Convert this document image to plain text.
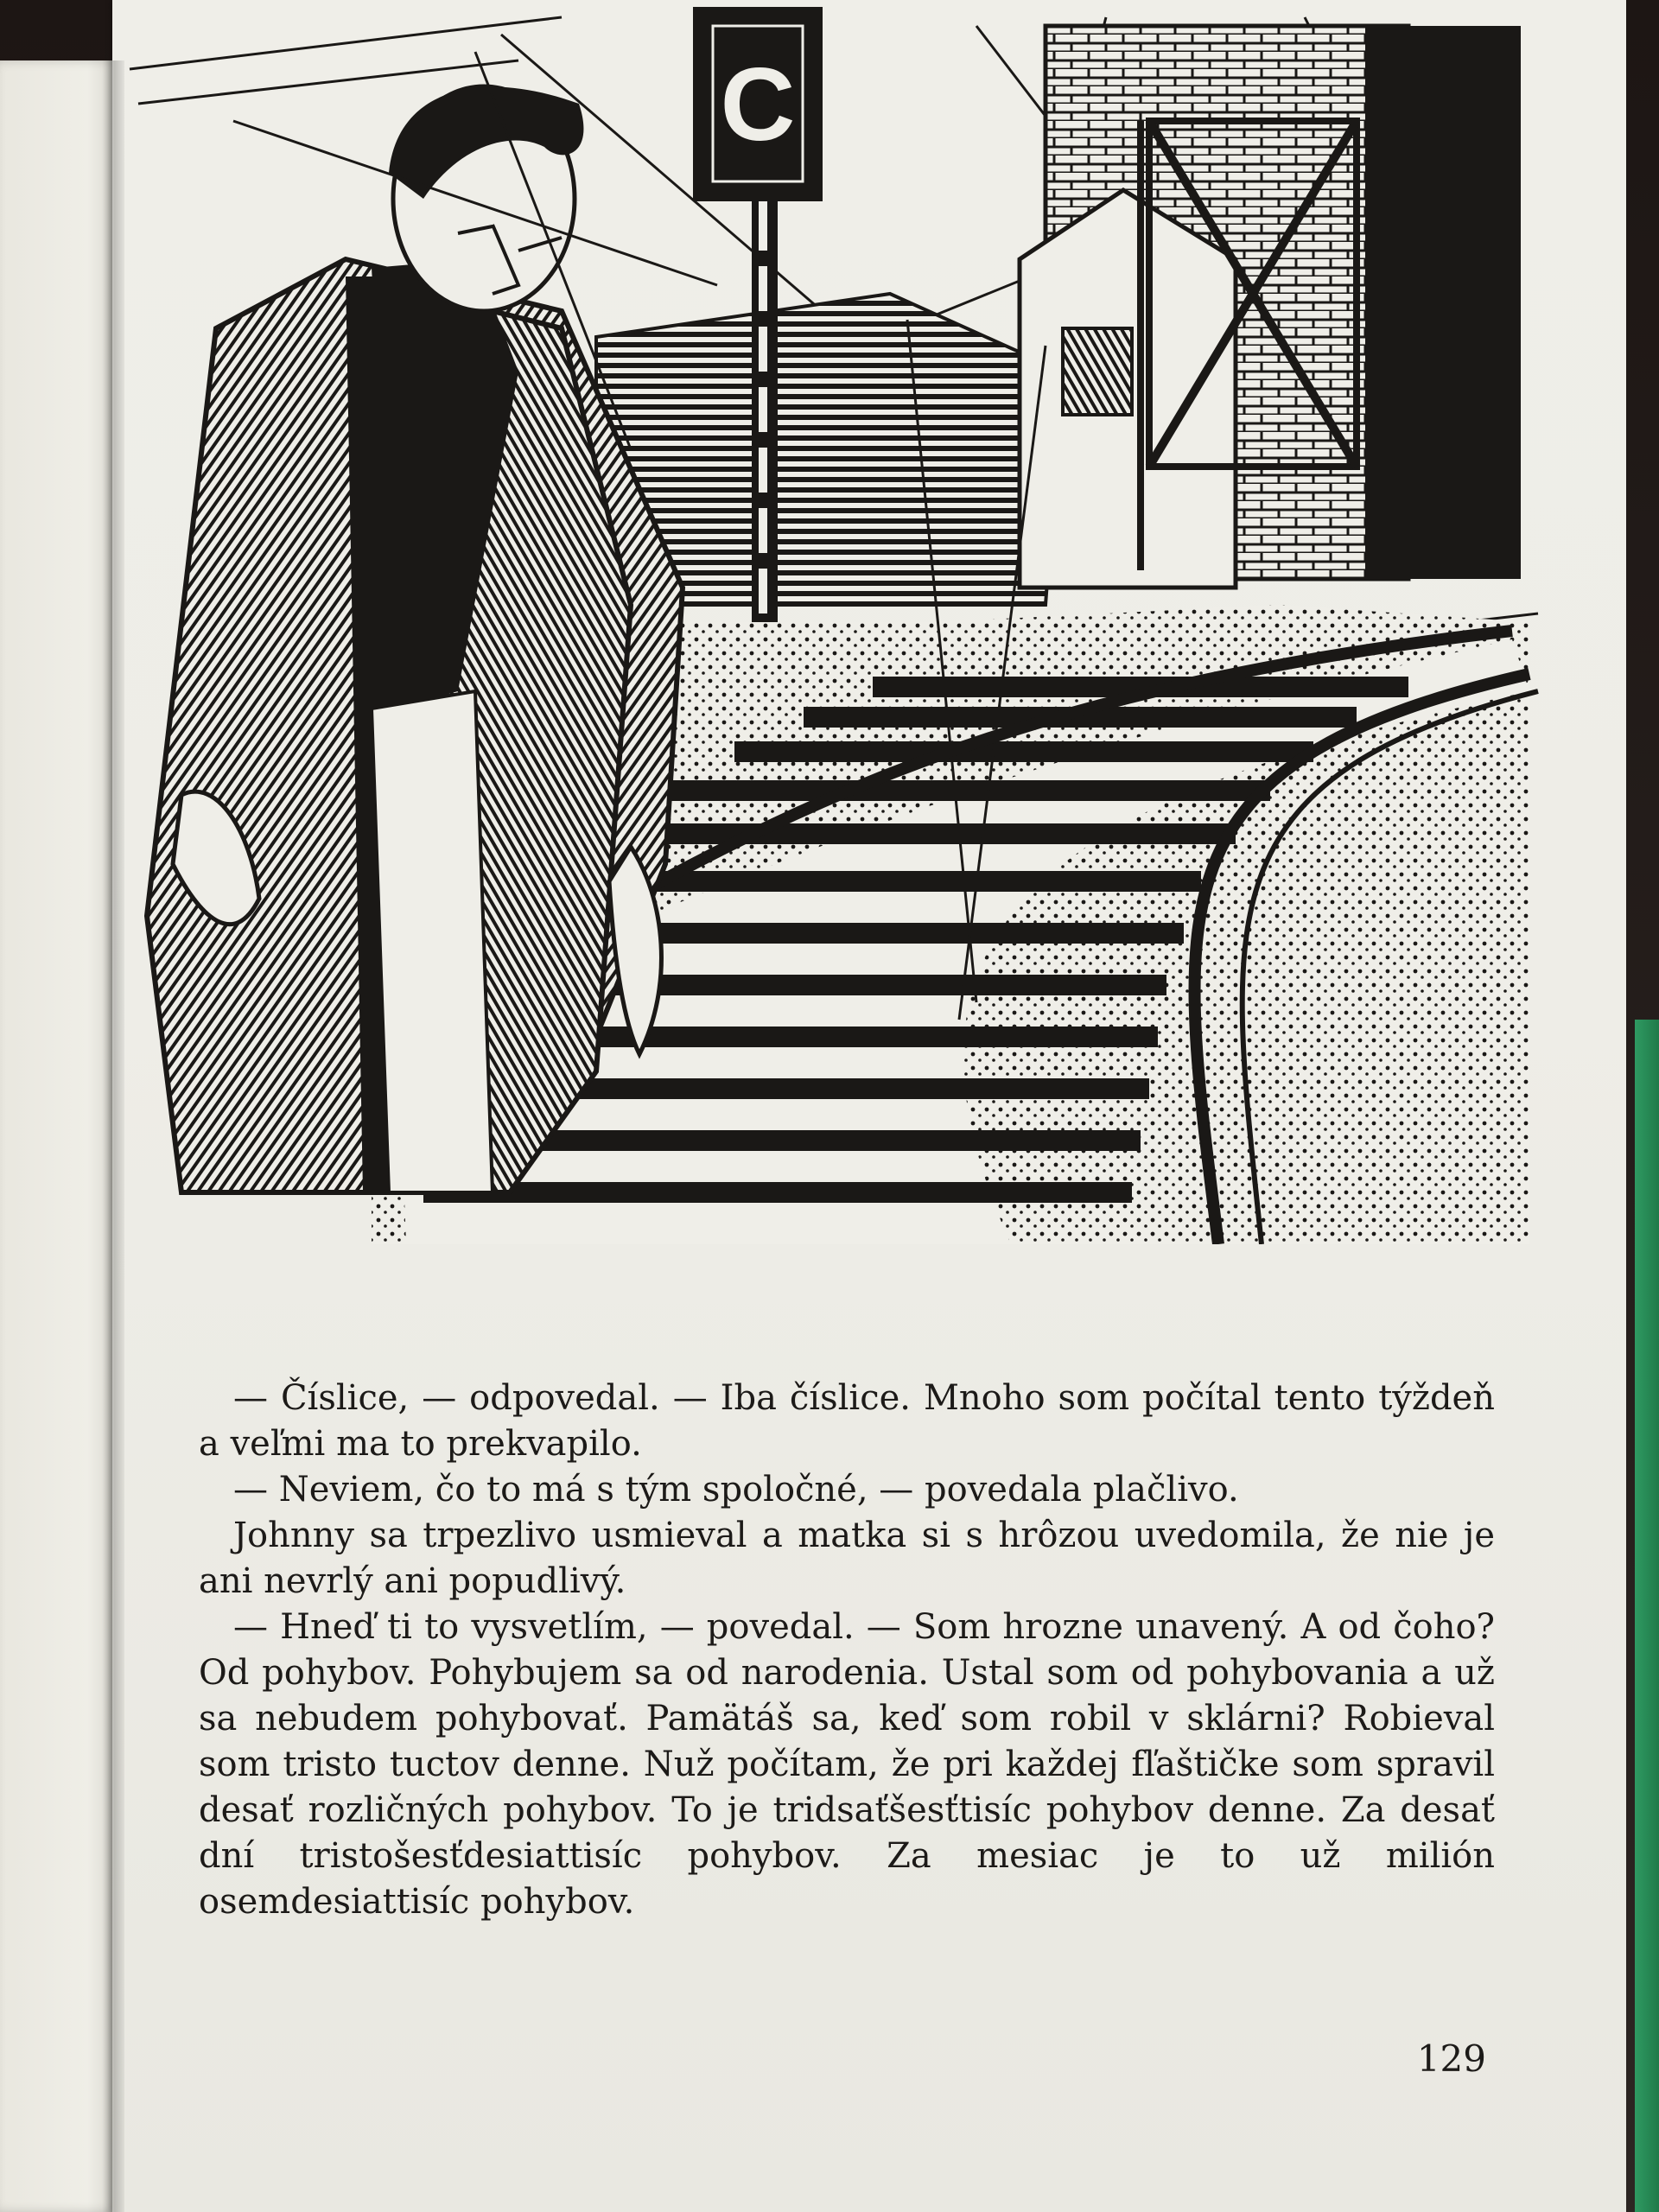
C

— Číslice, — odpovedal. — Iba číslice. Mnoho som počítal tento týždeň a veľmi ma to prekvapilo.

— Neviem, čo to má s tým spoločné, — povedala plačlivo.

Johnny sa trpezlivo usmieval a matka si s hrôzou uvedomila, že nie je ani nevrlý ani popudlivý.

— Hneď ti to vysvetlím, — povedal. — Som hrozne unavený. A od čoho? Od pohybov. Pohybujem sa od narodenia. Ustal som od pohybovania a už sa nebudem pohybovať. Pamätáš sa, keď som robil v sklárni? Robieval som tristo tuctov denne. Nuž počítam, že pri každej fľaštičke som spravil desať rozličných pohybov. To je tridsaťšesťtisíc pohybov denne. Za desať dní tristošesťdesiattisíc pohybov. Za mesiac je to už milión osemdesiattisíc pohybov.

129
